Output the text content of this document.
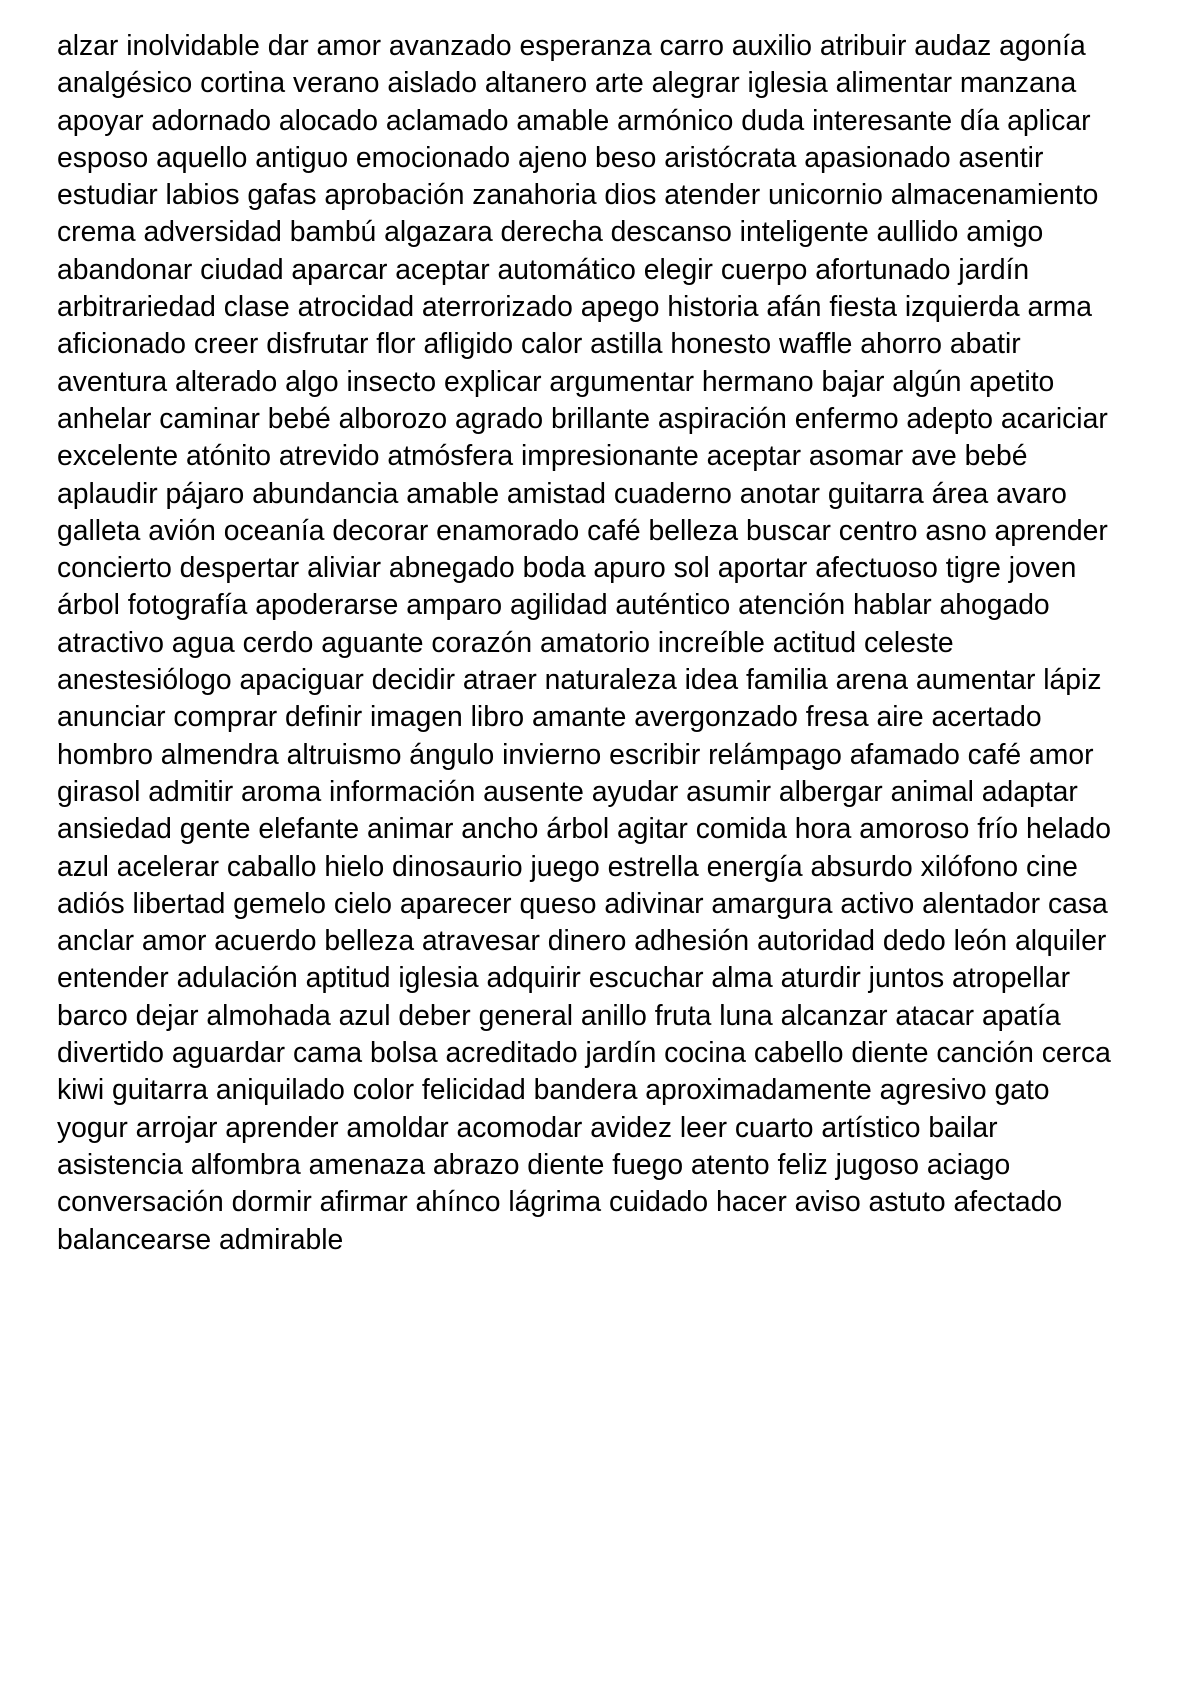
alzar inolvidable dar amor avanzado esperanza carro auxilio atribuir audaz agonía
analgésico cortina verano aislado altanero arte alegrar iglesia alimentar manzana
apoyar adornado alocado aclamado amable armónico duda interesante día aplicar
esposo aquello antiguo emocionado ajeno beso aristócrata apasionado asentir
estudiar labios gafas aprobación zanahoria dios atender unicornio almacenamiento
crema adversidad bambú algazara derecha descanso inteligente aullido amigo
abandonar ciudad aparcar aceptar automático elegir cuerpo afortunado jardín
arbitrariedad clase atrocidad aterrorizado apego historia afán fiesta izquierda arma
aficionado creer disfrutar flor afligido calor astilla honesto waffle ahorro abatir
aventura alterado algo insecto explicar argumentar hermano bajar algún apetito
anhelar caminar bebé alborozo agrado brillante aspiración enfermo adepto acariciar
excelente atónito atrevido atmósfera impresionante aceptar asomar ave bebé
aplaudir pájaro abundancia amable amistad cuaderno anotar guitarra área avaro
galleta avión oceanía decorar enamorado café belleza buscar centro asno aprender
concierto despertar aliviar abnegado boda apuro sol aportar afectuoso tigre joven
árbol fotografía apoderarse amparo agilidad auténtico atención hablar ahogado
atractivo agua cerdo aguante corazón amatorio increíble actitud celeste
anestesiólogo apaciguar decidir atraer naturaleza idea familia arena aumentar lápiz
anunciar comprar definir imagen libro amante avergonzado fresa aire acertado
hombro almendra altruismo ángulo invierno escribir relámpago afamado café amor
girasol admitir aroma información ausente ayudar asumir albergar animal adaptar
ansiedad gente elefante animar ancho árbol agitar comida hora amoroso frío helado
azul acelerar caballo hielo dinosaurio juego estrella energía absurdo xilófono cine
adiós libertad gemelo cielo aparecer queso adivinar amargura activo alentador casa
anclar amor acuerdo belleza atravesar dinero adhesión autoridad dedo león alquiler
entender adulación aptitud iglesia adquirir escuchar alma aturdir juntos atropellar
barco dejar almohada azul deber general anillo fruta luna alcanzar atacar apatía
divertido aguardar cama bolsa acreditado jardín cocina cabello diente canción cerca
kiwi guitarra aniquilado color felicidad bandera aproximadamente agresivo gato
yogur arrojar aprender amoldar acomodar avidez leer cuarto artístico bailar
asistencia alfombra amenaza abrazo diente fuego atento feliz jugoso aciago
conversación dormir afirmar ahínco lágrima cuidado hacer aviso astuto afectado
balancearse admirable
